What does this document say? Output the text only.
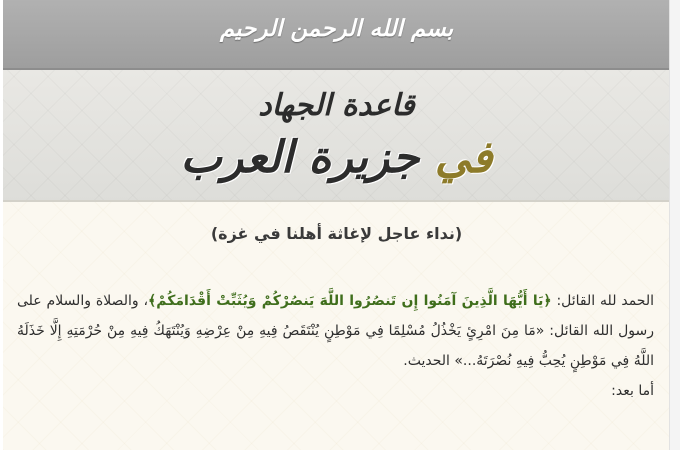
بسم الله الرحمن الرحيم
قاعدة الجهاد
في جزيرة العرب
(نداء عاجل لإغاثة أهلنا في غزة)

الحمد لله القائل: ﴿يَا أَيُّهَا الَّذِينَ آمَنُوا إِن تَنصُرُوا اللَّهَ يَنصُرْكُمْ وَيُثَبِّتْ أَقْدَامَكُمْ﴾، والصلاة والسلام على رسول الله القائل: «مَا مِنَ امْرِئٍ يَخْذُلُ مُسْلِمًا فِي مَوْطِنٍ يُنْتَقَصُ فِيهِ مِنْ عِرْضِهِ وَيُنْتَهَكُ فِيهِ مِنْ حُرْمَتِهِ إِلَّا خَذَلَهُ اللَّهُ فِي مَوْطِنٍ يُحِبُّ فِيهِ نُصْرَتَهُ...» الحديث.

أما بعد:
